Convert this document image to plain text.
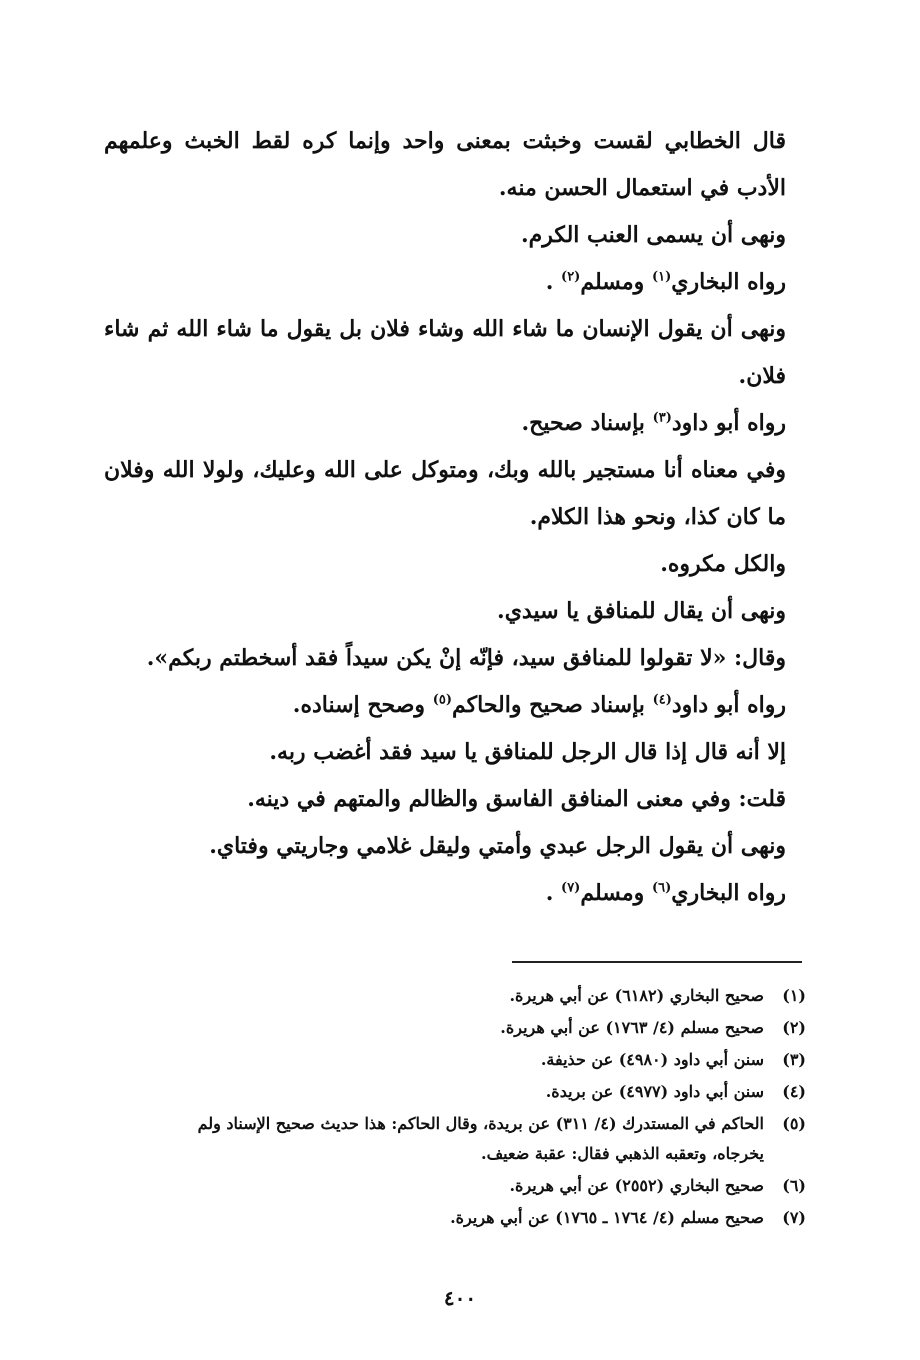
قال الخطابي لقست وخبثت بمعنى واحد وإنما كره لقط الخبث وعلمهم الأدب في استعمال الحسن منه.

ونهى أن يسمى العنب الكرم.

رواه البخاري$^{(١)}$ ومسلم$^{(٢)}$ .

ونهى أن يقول الإنسان ما شاء الله وشاء فلان بل يقول ما شاء الله ثم شاء فلان.

رواه أبو داود$^{(٣)}$ بإسناد صحيح.

وفي معناه أنا مستجير بالله وبك، ومتوكل على الله وعليك، ولولا الله وفلان ما كان كذا، ونحو هذا الكلام.

والكل مكروه.

ونهى أن يقال للمنافق يا سيدي.

وقال: «لا تقولوا للمنافق سيد، فإنّه إنْ يكن سيداً فقد أسخطتم ربكم».

رواه أبو داود$^{(٤)}$ بإسناد صحيح والحاكم$^{(٥)}$ وصحح إسناده.

إلا أنه قال إذا قال الرجل للمنافق يا سيد فقد أغضب ربه.

قلت: وفي معنى المنافق الفاسق والظالم والمتهم في دينه.

ونهى أن يقول الرجل عبدي وأمتي وليقل غلامي وجاريتي وفتاي.

رواه البخاري$^{(٦)}$ ومسلم$^{(٧)}$ .

(١)
صحيح البخاري (٦١٨٢) عن أبي هريرة.
(٢)
صحيح مسلم (٤/ ١٧٦٣) عن أبي هريرة.
(٣)
سنن أبي داود (٤٩٨٠) عن حذيفة.
(٤)
سنن أبي داود (٤٩٧٧) عن بريدة.
(٥)
الحاكم في المستدرك (٤/ ٣١١) عن بريدة، وقال الحاكم: هذا حديث صحيح الإسناد ولم
يخرجاه، وتعقبه الذهبي فقال: عقبة ضعيف.
(٦)
صحيح البخاري (٢٥٥٢) عن أبي هريرة.
(٧)
صحيح مسلم (٤/ ١٧٦٤ ـ ١٧٦٥) عن أبي هريرة.
٤٠٠
